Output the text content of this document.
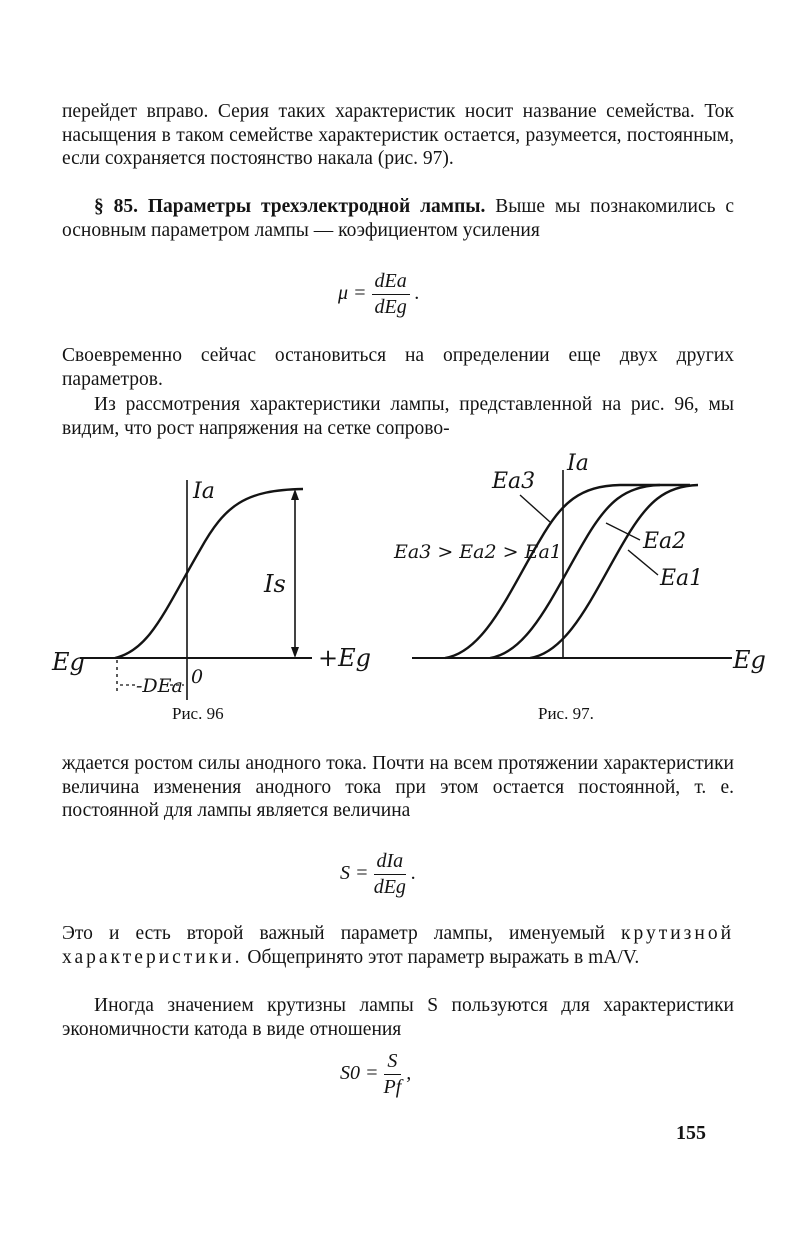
перейдет вправо. Серия таких характеристик носит название семейства. Ток насыщения в таком семействе характеристик остается, разумеется, постоянным, если сохраняется постоянство накала (рис. 97).

§ 85. Параметры трехэлектродной лампы. Выше мы познакомились с основным параметром лампы — коэфициентом усиления

$\mu = \frac{\text{dEa}}{\text{dEg}}$ .

Своевременно сейчас остановиться на определении еще двух других параметров.

Из рассмотрения характеристики лампы, представленной на рис. 96, мы видим, что рост напряжения на сетке сопрово-

Ia
Is
Eg	+Eg
0
-DEa
Рис. 96
Ia
Ea3
Ea2
Ea1
Ea3 > Ea2 > Ea1
Eg
Рис. 97.

ждается ростом силы анодного тока. Почти на всем протяжении характеристики величина изменения анодного тока при этом остается постоянной, т. е. постоянной для лампы является величина

$S = \frac{\text{dIa}}{\text{dEg}}$ .

Это и есть второй важный параметр лампы, именуемый крутизной характеристики. Общепринято этот параметр выражать в mA/V.

Иногда значением крутизны лампы S пользуются для характеристики экономичности катода в виде отношения

$S0 = \frac{S}{Pf}$ ,
155
